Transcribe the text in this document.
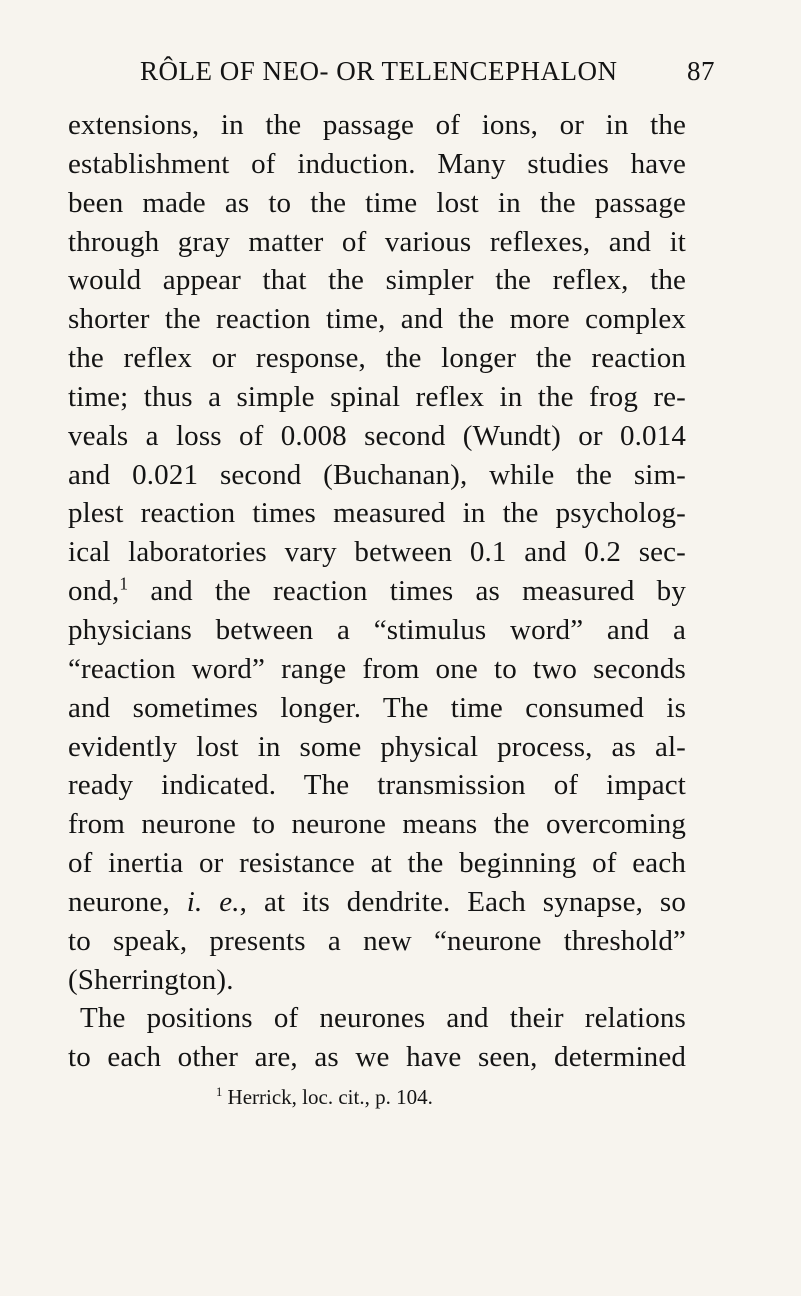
RÔLE OF NEO- OR TELENCEPHALON	87
extensions, in the passage of ions, or in the
establishment of induction. Many studies have
been made as to the time lost in the passage
through gray matter of various reflexes, and it
would appear that the simpler the reflex, the
shorter the reaction time, and the more complex
the reflex or response, the longer the reaction
time; thus a simple spinal reflex in the frog re-
veals a loss of 0.008 second (Wundt) or 0.014
and 0.021 second (Buchanan), while the sim-
plest reaction times measured in the psycholog-
ical laboratories vary between 0.1 and 0.2 sec-
ond,$^1$ and the reaction times as measured by
physicians between a “stimulus word” and a
“reaction word” range from one to two seconds
and sometimes longer. The time consumed is
evidently lost in some physical process, as al-
ready indicated. The transmission of impact
from neurone to neurone means the overcoming
of inertia or resistance at the beginning of each
neurone, i. e., at its dendrite. Each synapse, so
to speak, presents a new “neurone threshold”
(Sherrington).
The positions of neurones and their relations
to each other are, as we have seen, determined
$^1$ Herrick, loc. cit., p. 104.
